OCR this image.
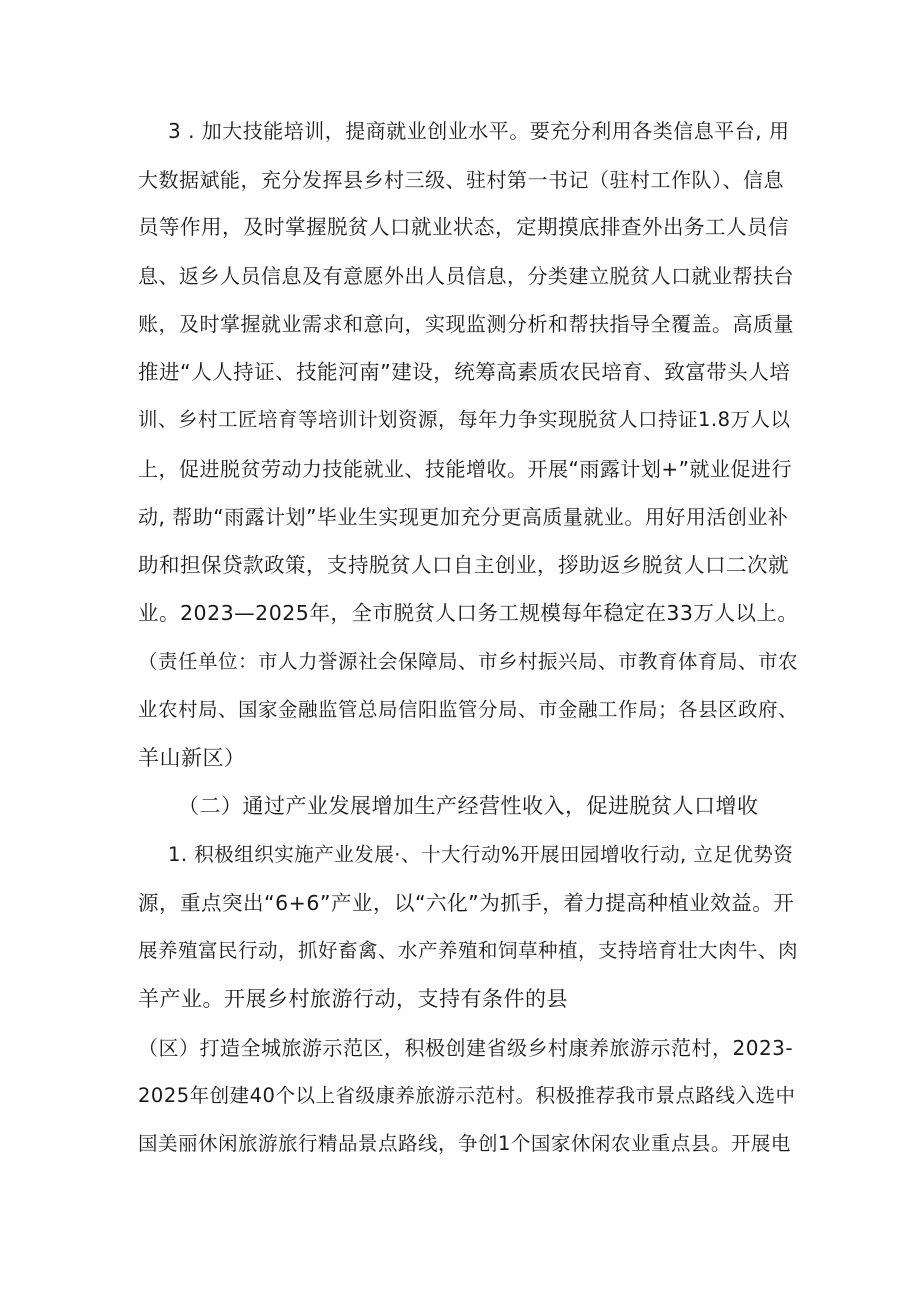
3 . 加大技能培训，提商就业创业水平。要充分利用各类信息平台, 用
大数据斌能，充分发挥县乡村三级、驻村第一书记（驻村工作队）、信息
员等作用，及时掌握脱贫人口就业状态，定期摸底排查外出务工人员信
息、返乡人员信息及有意愿外出人员信息，分类建立脱贫人口就业帮扶台
账，及时掌握就业需求和意向，实现监测分析和帮扶指导全覆盖。高质量
推进“人人持证、技能河南”建设，统筹高素质农民培育、致富带头人培
训、乡村工匠培育等培训计划资源，每年力争实现脱贫人口持证1.8万人以
上，促进脱贫劳动力技能就业、技能增收。开展“雨露计划+”就业促进行
动, 帮助“雨露计划”毕业生实现更加充分更高质量就业。用好用活创业补
助和担保贷款政策，支持脱贫人口自主创业，拶助返乡脱贫人口二次就
业。2023—2025年，全市脱贫人口务工规模每年稳定在33万人以上。
（责任单位：市人力誉源社会保障局、市乡村振兴局、市教育体育局、市农
业农村局、国家金融监管总局信阳监管分局、市金融工作局；各县区政府、
羊山新区）
（二）通过产业发展增加生产经营性收入，促进脱贫人口增收
1. 积极组织实施产业发展·、十大行动%开展田园增收行动, 立足优势资
源，重点突出“6+6”产业，以“六化”为抓手，着力提高种植业效益。开
展养殖富民行动，抓好畜禽、水产养殖和饲草种植，支持培育壮大肉牛、肉
羊产业。开展乡村旅游行动，支持有条件的县
（区）打造全城旅游示范区，积极创建省级乡村康养旅游示范村，2023-
2025年创建40个以上省级康养旅游示范村。积极推荐我市景点路线入选中
国美丽休闲旅游旅行精品景点路线，争创1个国家休闲农业重点县。开展电
